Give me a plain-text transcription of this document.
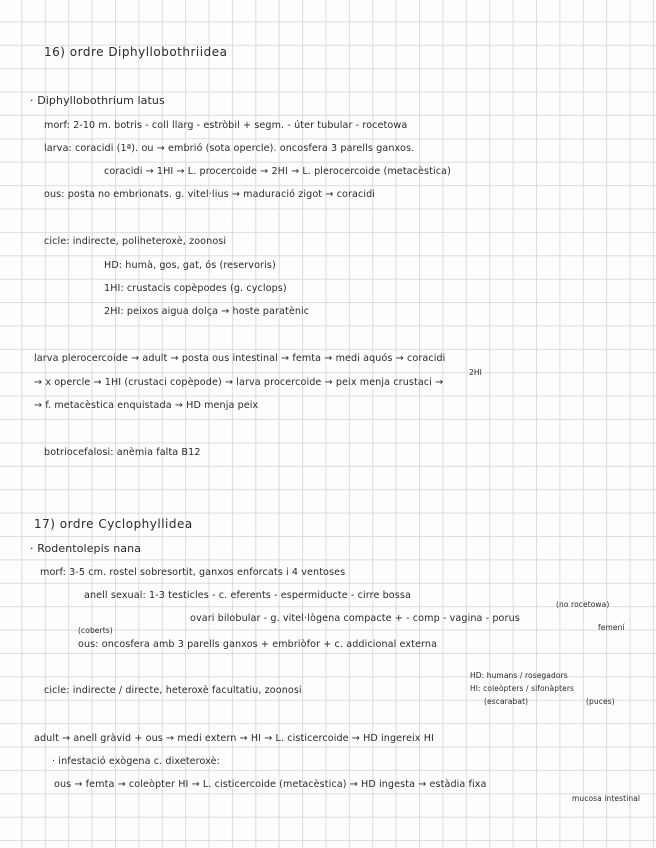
16) ordre Diphyllobothriidea
· Diphyllobothrium latus
morf: 2-10 m. botris - coll llarg - estròbil + segm. - úter tubular - rocetowa
larva: coracidi (1ª). ou → embrió (sota opercle). oncosfera 3 parells ganxos.
coracidi → 1HI → L. procercoide → 2HI → L. plerocercoide (metacèstica)
ous: posta no embrionats. g. vitel·lius → maduració zigot → coracidi
cicle: indirecte, poliheteroxè, zoonosi
HD: humà, gos, gat, ós (reservoris)
1HI: crustacis copèpodes (g. cyclops)
2HI: peixos aigua dolça → hoste paratènic
larva plerocercoide → adult → posta ous intestinal → femta → medi aquós → coracidi
2HI
→ x opercle → 1HI (crustaci copèpode) → larva procercoide → peix menja crustaci →
→ f. metacèstica enquistada → HD menja peix
botriocefalosi: anèmia falta B12
17) ordre Cyclophyllidea
· Rodentolepis nana
morf: 3-5 cm. rostel sobresortit, ganxos enforcats i 4 ventoses
anell sexual: 1-3 testicles - c. eferents - espermiducte - cirre bossa
(no rocetowa)
ovari bilobular - g. vitel·lògena compacte + - comp - vagina - porus
femení
(coberts)
ous: oncosfera amb 3 parells ganxos + embriòfor + c. addicional externa
HD: humans / rosegadors
cicle: indirecte / directe, heteroxè facultatiu, zoonosi	HI: coleòpters / sifonàpters
(escarabat)	(puces)
adult → anell gràvid + ous → medi extern → HI → L. cisticercoide → HD ingereix HI
· infestació exògena c. dixeteroxè:
ous → femta → coleòpter HI → L. cisticercoide (metacèstica) → HD ingesta → estàdia fixa
mucosa intestinal
